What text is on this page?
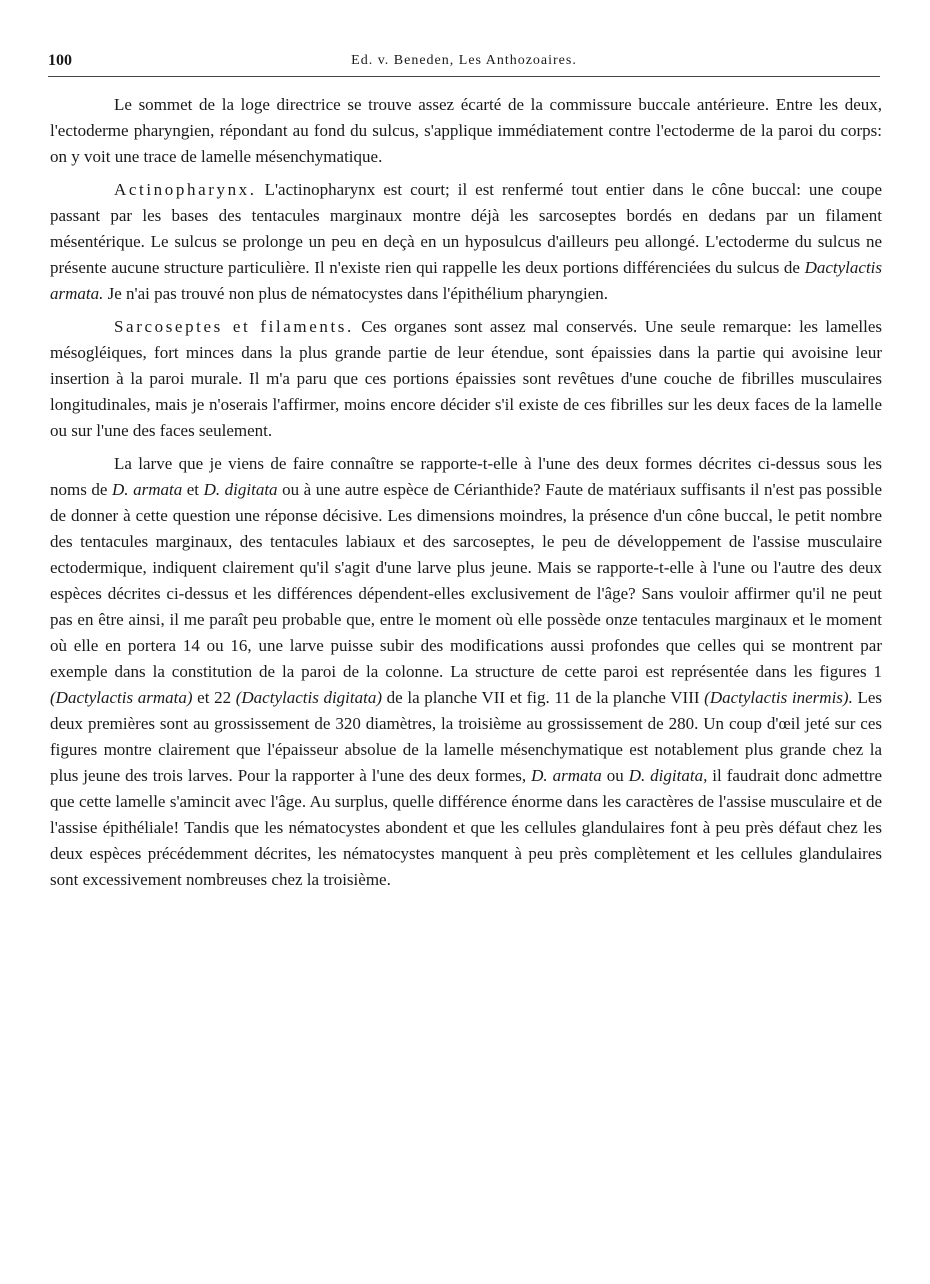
100	Ed. v. Beneden, Les Anthozoaires.

Le sommet de la loge directrice se trouve assez écarté de la commissure buccale antérieure. Entre les deux, l'ectoderme pharyngien, répondant au fond du sulcus, s'applique immédiatement contre l'ectoderme de la paroi du corps: on y voit une trace de lamelle mésenchymatique.

Actinopharynx. L'actinopharynx est court; il est renfermé tout entier dans le cône buccal: une coupe passant par les bases des tentacules marginaux montre déjà les sarcoseptes bordés en dedans par un filament mésentérique. Le sulcus se prolonge un peu en deçà en un hyposulcus d'ailleurs peu allongé. L'ectoderme du sulcus ne présente aucune structure particulière. Il n'existe rien qui rappelle les deux portions différenciées du sulcus de Dactylactis armata. Je n'ai pas trouvé non plus de nématocystes dans l'épithélium pharyngien.

Sarcoseptes et filaments. Ces organes sont assez mal conservés. Une seule remarque: les lamelles mésogléiques, fort minces dans la plus grande partie de leur étendue, sont épaissies dans la partie qui avoisine leur insertion à la paroi murale. Il m'a paru que ces portions épaissies sont revêtues d'une couche de fibrilles musculaires longitudinales, mais je n'oserais l'affirmer, moins encore décider s'il existe de ces fibrilles sur les deux faces de la lamelle ou sur l'une des faces seulement.

La larve que je viens de faire connaître se rapporte-t-elle à l'une des deux formes décrites ci-dessus sous les noms de D. armata et D. digitata ou à une autre espèce de Cérianthide? Faute de matériaux suffisants il n'est pas possible de donner à cette question une réponse décisive. Les dimensions moindres, la présence d'un cône buccal, le petit nombre des tentacules marginaux, des tentacules labiaux et des sarcoseptes, le peu de développement de l'assise musculaire ectodermique, indiquent clairement qu'il s'agit d'une larve plus jeune. Mais se rapporte-t-elle à l'une ou l'autre des deux espèces décrites ci-dessus et les différences dépendent-elles exclusivement de l'âge? Sans vouloir affirmer qu'il ne peut pas en être ainsi, il me paraît peu probable que, entre le moment où elle possède onze tentacules marginaux et le moment où elle en portera 14 ou 16, une larve puisse subir des modifications aussi profondes que celles qui se montrent par exemple dans la constitution de la paroi de la colonne. La structure de cette paroi est représentée dans les figures 1 (Dactylactis armata) et 22 (Dactylactis digitata) de la planche VII et fig. 11 de la planche VIII (Dactylactis inermis). Les deux premières sont au grossissement de 320 diamètres, la troisième au grossissement de 280. Un coup d'œil jeté sur ces figures montre clairement que l'épaisseur absolue de la lamelle mésenchymatique est notablement plus grande chez la plus jeune des trois larves. Pour la rapporter à l'une des deux formes, D. armata ou D. digitata, il faudrait donc admettre que cette lamelle s'amincit avec l'âge. Au surplus, quelle différence énorme dans les caractères de l'assise musculaire et de l'assise épithéliale! Tandis que les nématocystes abondent et que les cellules glandulaires font à peu près défaut chez les deux espèces précédemment décrites, les nématocystes manquent à peu près complètement et les cellules glandulaires sont excessivement nombreuses chez la troisième.
